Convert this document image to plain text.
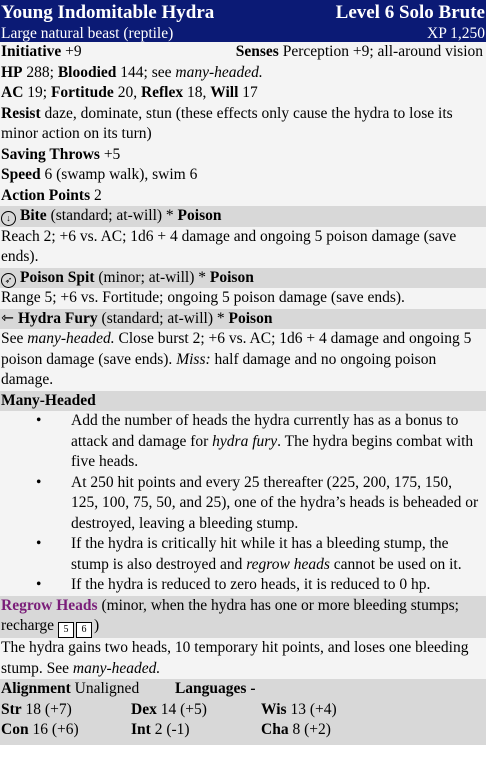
Young Indomitable Hydra	Level 6 Solo Brute
Large natural beast (reptile)	XP 1,250
Initiative +9	Senses Perception +9; all-around vision
HP 288; Bloodied 144; see many-headed.
AC 19; Fortitude 20, Reflex 18, Will 17
Resist daze, dominate, stun (these effects only cause the hydra to lose its minor action on its turn)
Saving Throws +5
Speed 6 (swamp walk), swim 6
Action Points 2
↓ Bite (standard; at-will) * Poison
Reach 2; +6 vs. AC; 1d6 + 4 damage and ongoing 5 poison damage (save ends).
➶ Poison Spit (minor; at-will) * Poison
Range 5; +6 vs. Fortitude; ongoing 5 poison damage (save ends).
⇽ Hydra Fury (standard; at-will) * Poison
See many-headed. Close burst 2; +6 vs. AC; 1d6 + 4 damage and ongoing 5 poison damage (save ends). Miss: half damage and no ongoing poison damage.
Many-Headed
• Add the number of heads the hydra currently has as a bonus to attack and damage for hydra fury. The hydra begins combat with five heads.
• At 250 hit points and every 25 thereafter (225, 200, 175, 150, 125, 100, 75, 50, and 25), one of the hydra’s heads is beheaded or destroyed, leaving a bleeding stump.
• If the hydra is critically hit while it has a bleeding stump, the stump is also destroyed and regrow heads cannot be used on it.
• If the hydra is reduced to zero heads, it is reduced to 0 hp.
Regrow Heads (minor, when the hydra has one or more bleeding stumps; recharge 5 6 )
The hydra gains two heads, 10 temporary hit points, and loses one bleeding stump. See many-headed.
Alignment Unaligned Languages -
Str 18 (+7)	Dex 14 (+5)	Wis 13 (+4)
Con 16 (+6)	Int 2 (-1)	Cha 8 (+2)
